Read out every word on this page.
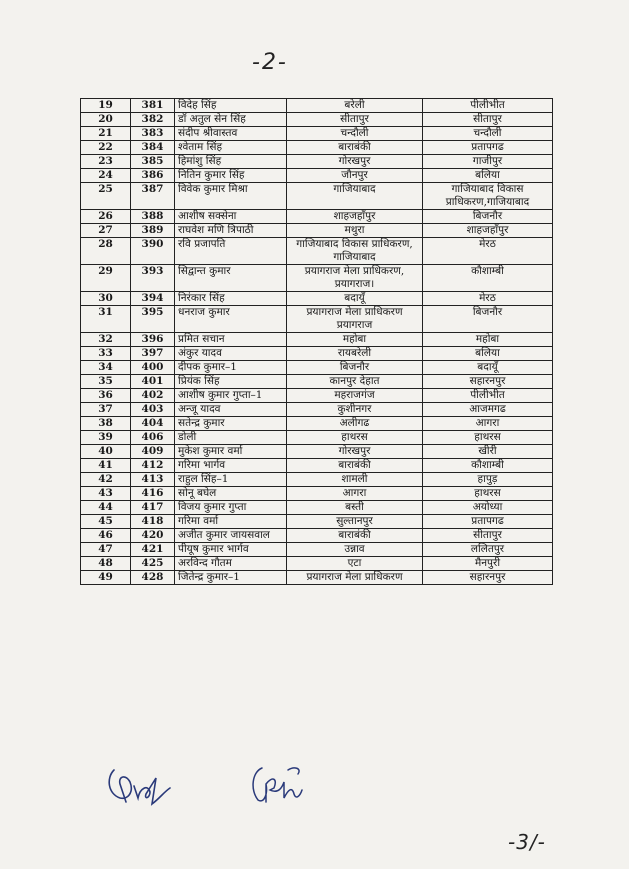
-2-
19	381	विदेह सिंह	बरेली	पीलीभीत
20	382	डॉ अतुल सेन सिंह	सीतापुर	सीतापुर
21	383	संदीप श्रीवास्तव	चन्दौली	चन्दौली
22	384	श्वेताम सिंह	बाराबंकी	प्रतापगढ
23	385	हिमांशु सिंह	गोरखपुर	गाजीपुर
24	386	नितिन कुमार सिंह	जौनपुर	बलिया
25	387	विवेक कुमार मिश्रा	गाजियाबाद	गाजियाबाद विकास प्राधिकरण,गाजियाबाद
26	388	आशीष सक्सेना	शाहजहाँपुर	बिजनौर
27	389	राघवेश मणि त्रिपाठी	मथुरा	शाहजहाँपुर
28	390	रवि प्रजापति	गाजियाबाद विकास प्राधिकरण, गाजियाबाद	मेरठ
29	393	सिद्वान्त कुमार	प्रयागराज मेला प्राधिकरण, प्रयागराज।	कौशाम्बी
30	394	निरंकार सिंह	बदायूँ	मेरठ
31	395	धनराज कुमार	प्रयागराज मेला प्राधिकरण प्रयागराज	बिजनौर
32	396	प्रमित सचान	महोबा	महोबा
33	397	अंकुर यादव	रायबरेली	बलिया
34	400	दीपक कुमार–1	बिजनौर	बदायूँ
35	401	प्रियंक सिंह	कानपुर देहात	सहारनपुर
36	402	आशीष कुमार गुप्ता–1	महराजगंज	पीलीभीत
37	403	अन्जू यादव	कुशीनगर	आजमगढ
38	404	सतेन्द्र कुमार	अलीगढ	आगरा
39	406	डोली	हाथरस	हाथरस
40	409	मुकेश कुमार वर्मा	गोरखपुर	खीरी
41	412	गरिमा भार्गव	बाराबंकी	कौशाम्बी
42	413	राहुल सिंह–1	शामली	हापुड़
43	416	सोनू बघेल	आगरा	हाथरस
44	417	विजय कुमार गुप्ता	बस्ती	अयोध्या
45	418	गरिमा वर्मा	सुल्तानपुर	प्रतापगढ
46	420	अजीत कुमार जायसवाल	बाराबंकी	सीतापुर
47	421	पीयूष कुमार भार्गव	उन्नाव	ललितपुर
48	425	अरविन्द गौतम	एटा	मैनपुरी
49	428	जितेन्द्र कुमार–1	प्रयागराज मेला प्राधिकरण	सहारनपुर
-3/-
